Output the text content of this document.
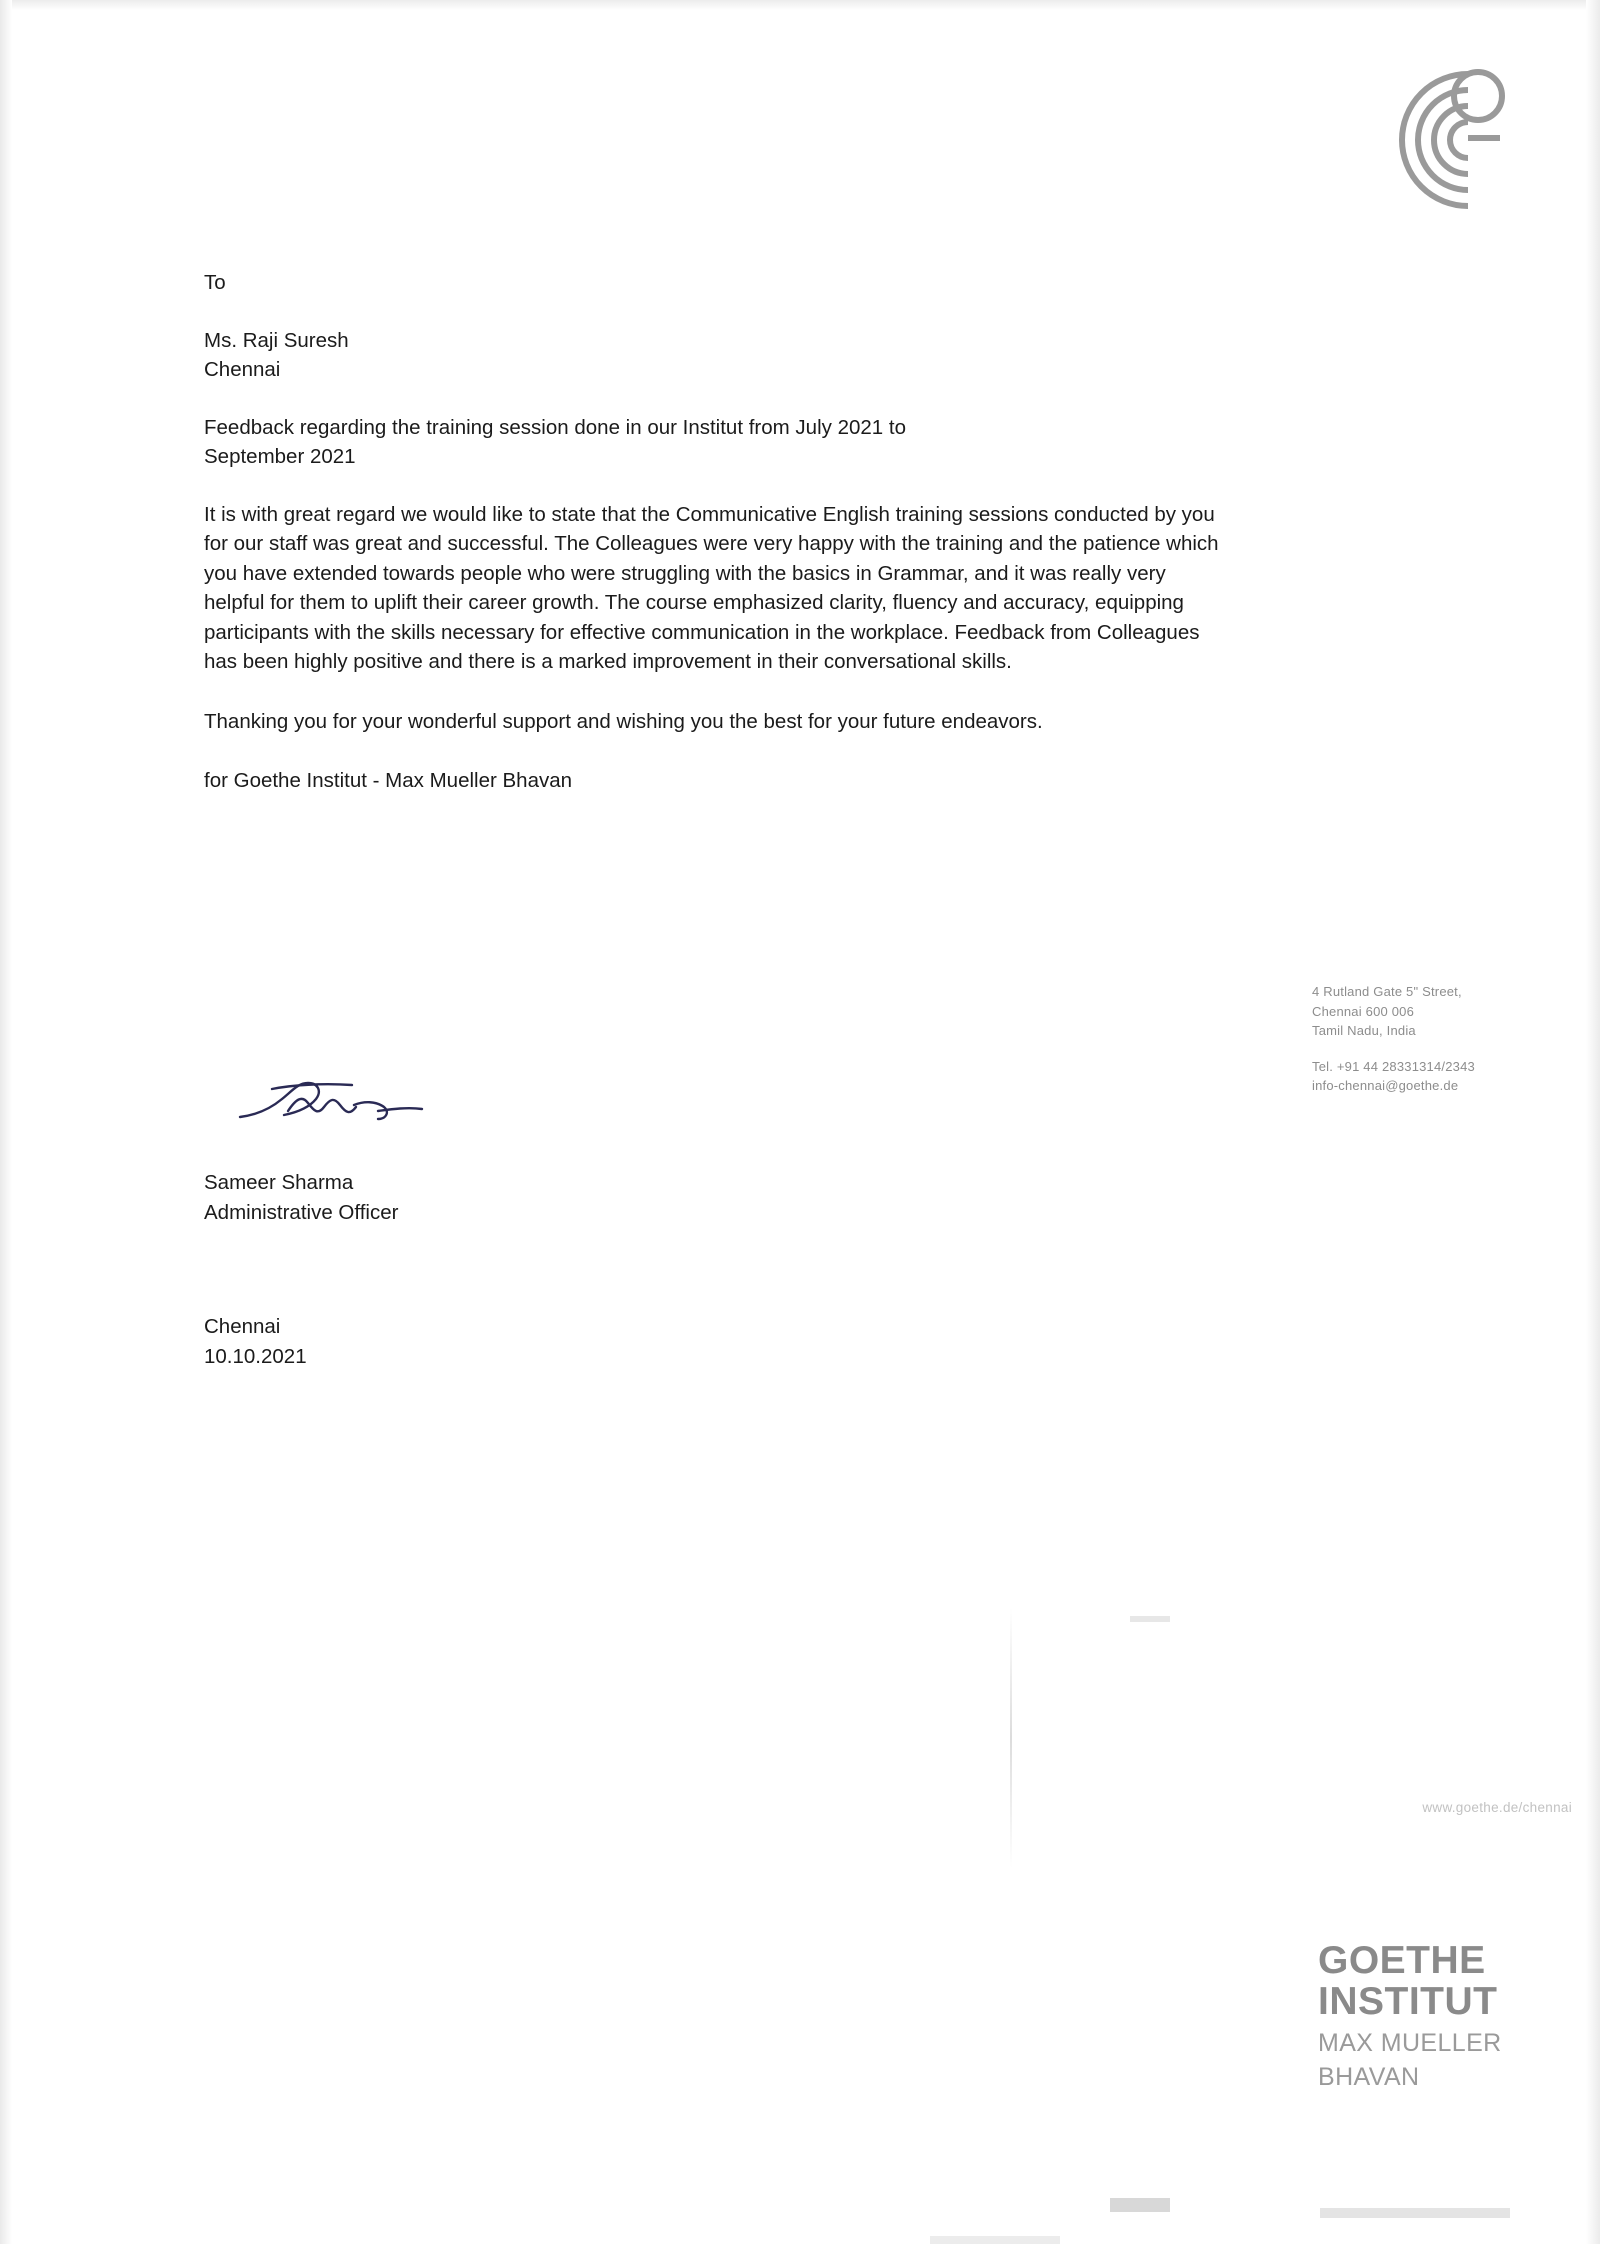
To
Ms. Raji Suresh
Chennai
Feedback regarding the training session done in our Institut from July 2021 to
September 2021

It is with great regard we would like to state that the Communicative English training sessions conducted by you for our staff was great and successful. The Colleagues were very happy with the training and the patience which you have extended towards people who were struggling with the basics in Grammar, and it was really very helpful for them to uplift their career growth. The course emphasized clarity, fluency and accuracy, equipping participants with the skills necessary for effective communication in the workplace. Feedback from Colleagues has been highly positive and there is a marked improvement in their conversational skills.

Thanking you for your wonderful support and wishing you the best for your future endeavors.

for Goethe Institut - Max Mueller Bhavan
Sameer Sharma
Administrative Officer
Chennai
10.10.2021
4 Rutland Gate 5" Street,
Chennai 600 006
Tamil Nadu, India
Tel. +91 44 28331314/2343
info-chennai@goethe.de
www.goethe.de/chennai
GOETHE
INSTITUT
MAX MUELLER
BHAVAN
